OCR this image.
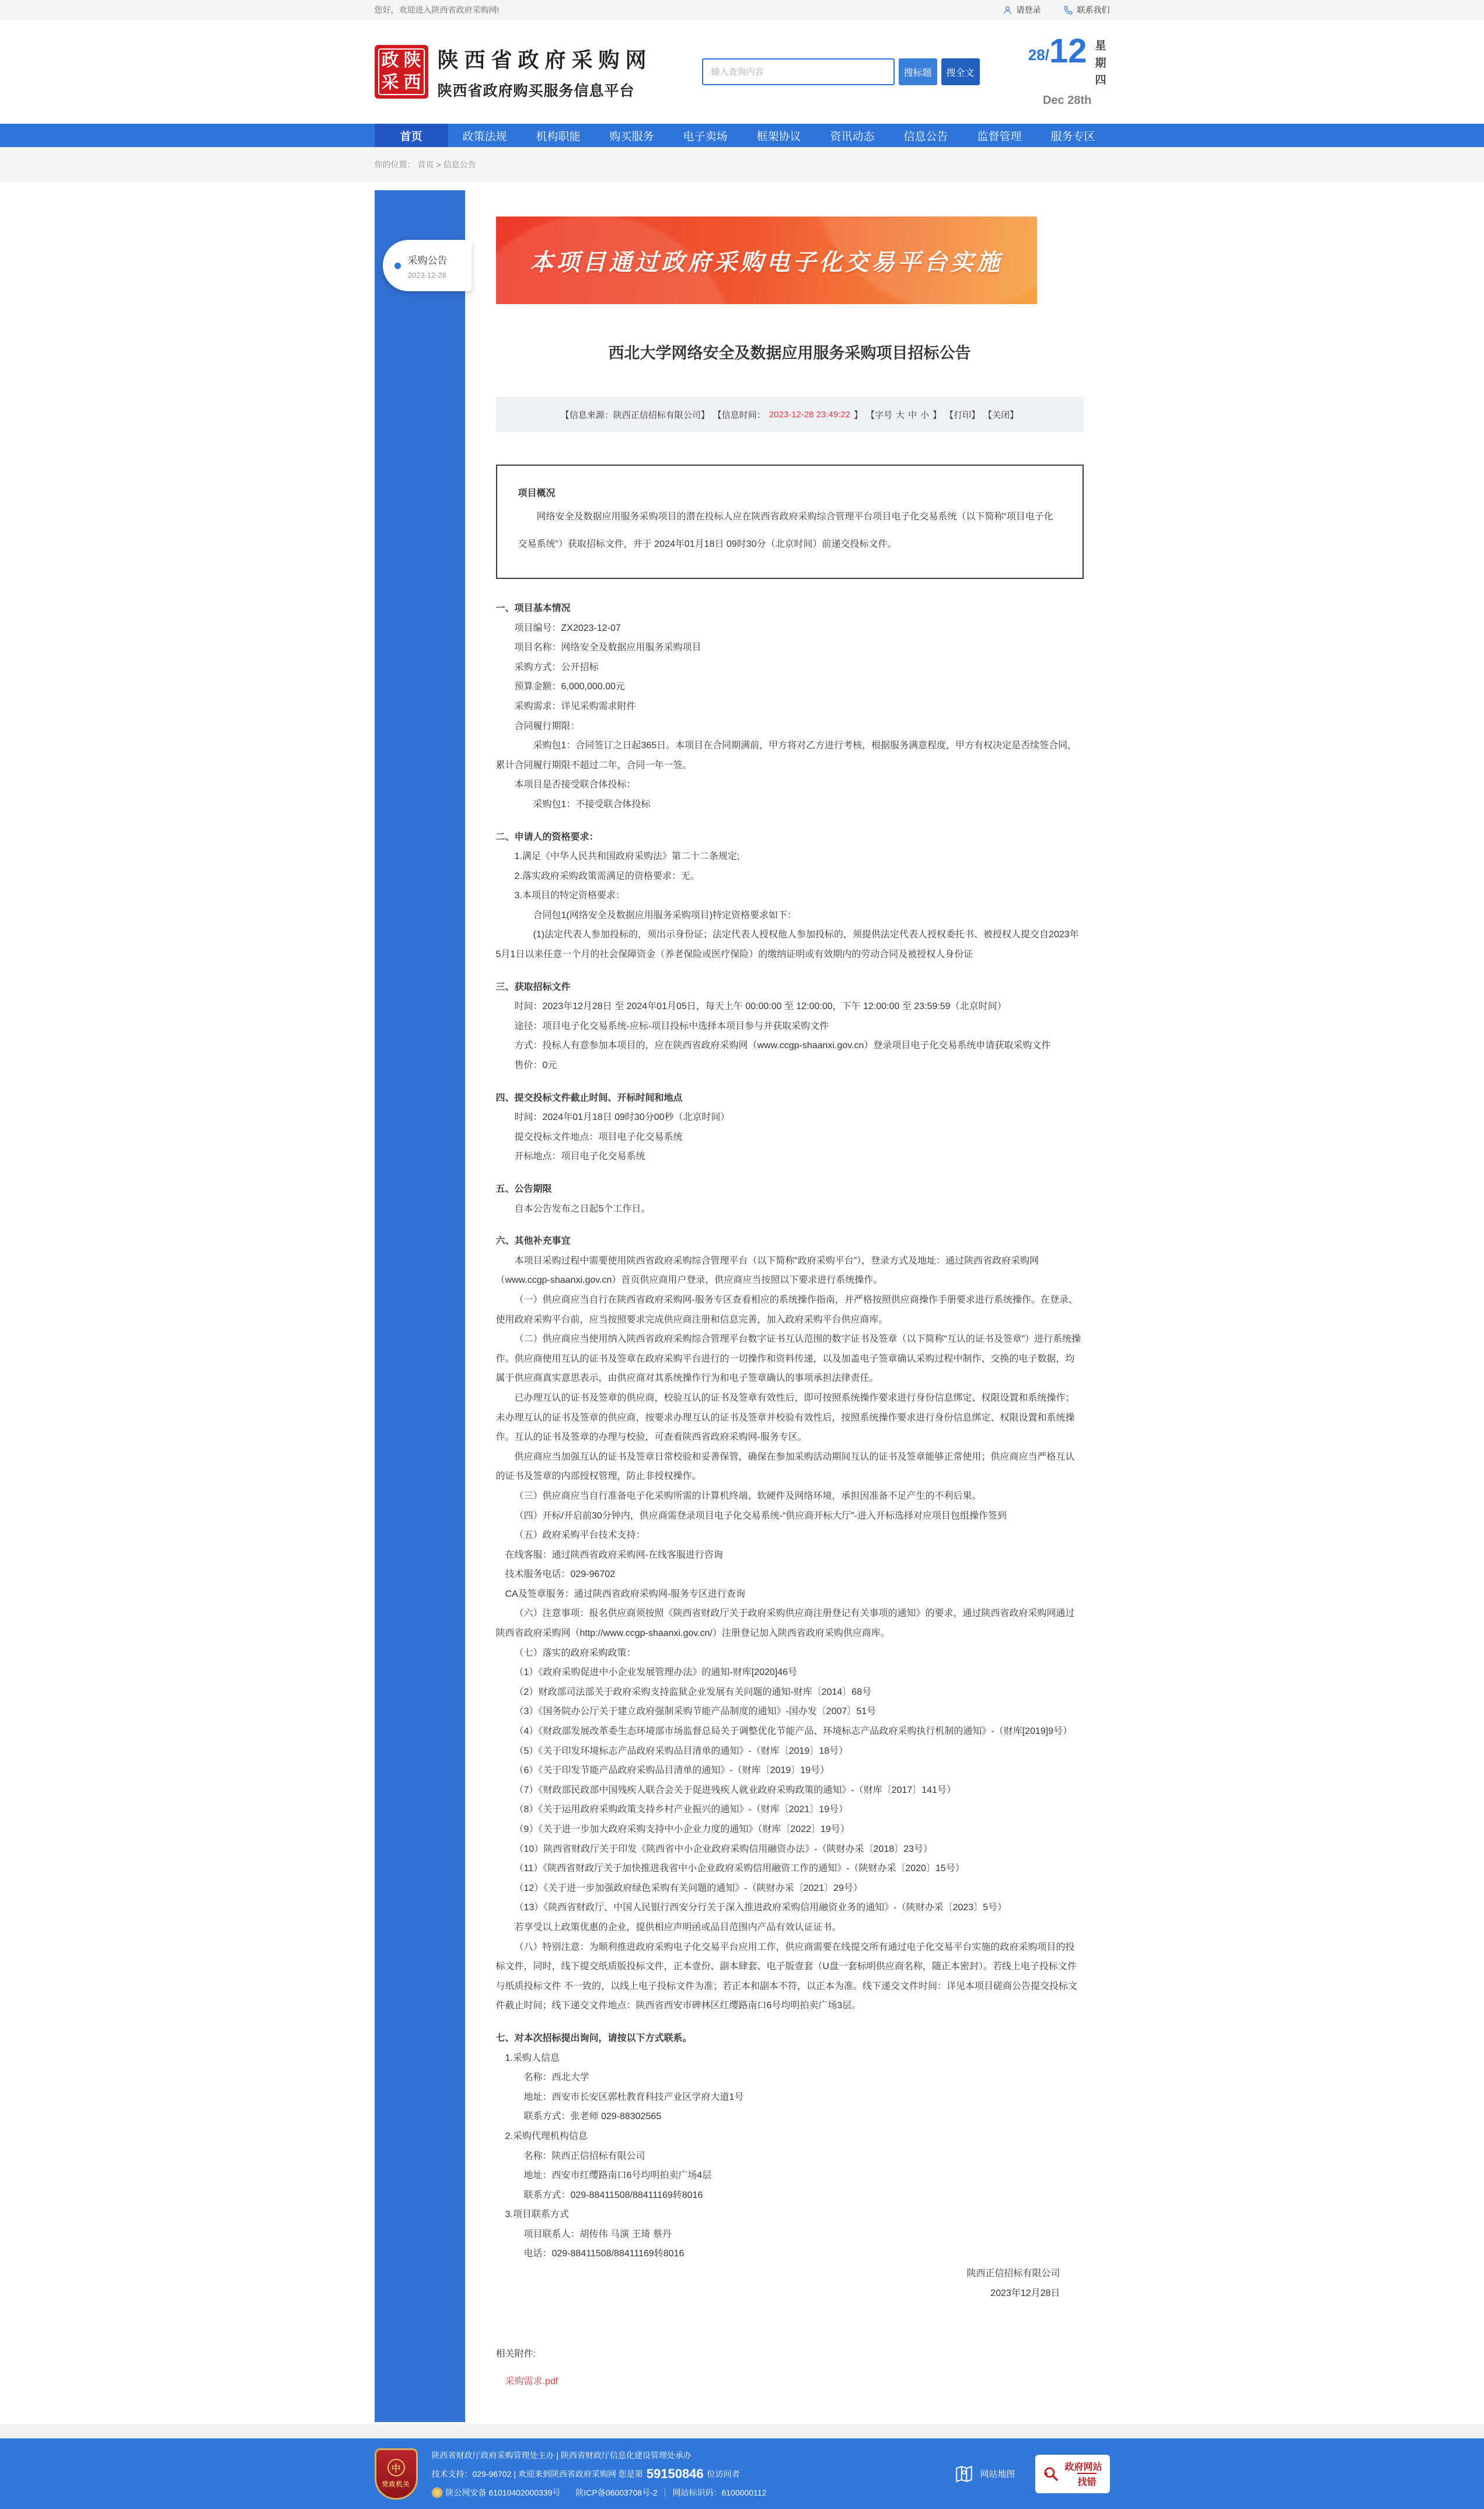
您好，欢迎进入陕西省政府采购网!	请登录	联系我们
政 陕
采 西
陕西省政府采购网
陕西省政府购买服务信息平台
输入查询内容
搜标题	搜全文
28/ 12 星
期
四
Dec 28th
首页	政策法规	机构职能	购买服务	电子卖场	框架协议	资讯动态	信息公告	监督管理	服务专区
你的位置： 首页 > 信息公告
采购公告
2023-12-28	本项目通过政府采购电子化交易平台实施
西北大学网络安全及数据应用服务采购项目招标公告
【信息来源：陕西正信招标有限公司】 【信息时间： 2023-12-28 23:49:22 】 【字号 大 中 小 】 【打印】 【关闭】
项目概况
网络安全及数据应用服务采购项目的潜在投标人应在陕西省政府采购综合管理平台项目电子化交易系统（以下简称“项目电子化交易系统”）获取招标文件，并于 2024年01月18日 09时30分（北京时间）前递交投标文件。
一、项目基本情况
项目编号：ZX2023-12-07
项目名称：网络安全及数据应用服务采购项目
采购方式：公开招标
预算金额：6,000,000.00元
采购需求：详见采购需求附件
合同履行期限：
采购包1：合同签订之日起365日。本项目在合同期满前，甲方将对乙方进行考核，根据服务满意程度，甲方有权决定是否续签合同，累计合同履行期限不超过二年，合同一年一签。
本项目是否接受联合体投标：
采购包1：不接受联合体投标
二、申请人的资格要求：
1.满足《中华人民共和国政府采购法》第二十二条规定;
2.落实政府采购政策需满足的资格要求：无。
3.本项目的特定资格要求：
合同包1(网络安全及数据应用服务采购项目)特定资格要求如下：
(1)法定代表人参加投标的，须出示身份证；法定代表人授权他人参加投标的，须提供法定代表人授权委托书、被授权人提交自2023年5月1日以来任意一个月的社会保障资金（养老保险或医疗保险）的缴纳证明或有效期内的劳动合同及被授权人身份证
三、获取招标文件
时间：2023年12月28日 至 2024年01月05日，每天上午 00:00:00 至 12:00:00，下午 12:00:00 至 23:59:59（北京时间）
途径：项目电子化交易系统-应标-项目投标中选择本项目参与并获取采购文件
方式：投标人有意参加本项目的，应在陕西省政府采购网（www.ccgp-shaanxi.gov.cn）登录项目电子化交易系统申请获取采购文件
售价：0元
四、提交投标文件截止时间、开标时间和地点
时间：2024年01月18日 09时30分00秒（北京时间）
提交投标文件地点：项目电子化交易系统
开标地点：项目电子化交易系统
五、公告期限
自本公告发布之日起5个工作日。
六、其他补充事宜
本项目采购过程中需要使用陕西省政府采购综合管理平台（以下简称“政府采购平台”），登录方式及地址：通过陕西省政府采购网（www.ccgp-shaanxi.gov.cn）首页供应商用户登录，供应商应当按照以下要求进行系统操作。
（一）供应商应当自行在陕西省政府采购网-服务专区查看相应的系统操作指南，并严格按照供应商操作手册要求进行系统操作。在登录、使用政府采购平台前，应当按照要求完成供应商注册和信息完善，加入政府采购平台供应商库。
（二）供应商应当使用纳入陕西省政府采购综合管理平台数字证书互认范围的数字证书及签章（以下简称“互认的证书及签章”）进行系统操作。供应商使用互认的证书及签章在政府采购平台进行的一切操作和资料传递，以及加盖电子签章确认采购过程中制作、交换的电子数据，均属于供应商真实意思表示，由供应商对其系统操作行为和电子签章确认的事项承担法律责任。
已办理互认的证书及签章的供应商，校验互认的证书及签章有效性后，即可按照系统操作要求进行身份信息绑定、权限设置和系统操作；未办理互认的证书及签章的供应商，按要求办理互认的证书及签章并校验有效性后，按照系统操作要求进行身份信息绑定、权限设置和系统操作。互认的证书及签章的办理与校验，可查看陕西省政府采购网-服务专区。
供应商应当加强互认的证书及签章日常校验和妥善保管，确保在参加采购活动期间互认的证书及签章能够正常使用；供应商应当严格互认的证书及签章的内部授权管理，防止非授权操作。
（三）供应商应当自行准备电子化采购所需的计算机终端、软硬件及网络环境，承担因准备不足产生的不利后果。
（四）开标/开启前30分钟内，供应商需登录项目电子化交易系统-“供应商开标大厅”-进入开标选择对应项目包组操作签到
（五）政府采购平台技术支持：
在线客服：通过陕西省政府采购网-在线客服进行咨询
技术服务电话：029-96702
CA及签章服务：通过陕西省政府采购网-服务专区进行查询
（六）注意事项：报名供应商须按照《陕西省财政厅关于政府采购供应商注册登记有关事项的通知》的要求，通过陕西省政府采购网通过陕西省政府采购网（http://www.ccgp-shaanxi.gov.cn/）注册登记加入陕西省政府采购供应商库。
（七）落实的政府采购政策：
（1）《政府采购促进中小企业发展管理办法》的通知-财库[2020]46号
（2）财政部司法部关于政府采购支持监狱企业发展有关问题的通知-财库〔2014〕68号
（3）《国务院办公厅关于建立政府强制采购节能产品制度的通知》-国办发〔2007〕51号
（4）《财政部发展改革委生态环境部市场监督总局关于调整优化节能产品、环境标志产品政府采购执行机制的通知》-（财库[2019]9号）
（5）《关于印发环境标志产品政府采购品目清单的通知》-（财库〔2019〕18号）
（6）《关于印发节能产品政府采购品目清单的通知》-（财库〔2019〕19号）
（7）《财政部民政部中国残疾人联合会关于促进残疾人就业政府采购政策的通知》-（财库〔2017〕141号）
（8）《关于运用政府采购政策支持乡村产业振兴的通知》-（财库〔2021〕19号）
（9）《关于进一步加大政府采购支持中小企业力度的通知》（财库〔2022〕19号）
（10）陕西省财政厅关于印发《陕西省中小企业政府采购信用融资办法》-（陕财办采〔2018〕23号）
（11）《陕西省财政厅关于加快推进我省中小企业政府采购信用融资工作的通知》-（陕财办采〔2020〕15号）
（12）《关于进一步加强政府绿色采购有关问题的通知》-（陕财办采〔2021〕29号）
（13）《陕西省财政厅、中国人民银行西安分行关于深入推进政府采购信用融资业务的通知》-（陕财办采〔2023〕5号）
若享受以上政策优惠的企业，提供相应声明函或品目范围内产品有效认证证书。
（八）特别注意：为顺利推进政府采购电子化交易平台应用工作，供应商需要在线提交所有通过电子化交易平台实施的政府采购项目的投标文件，同时，线下提交纸质版投标文件，正本壹份、副本肆套、电子版壹套（U盘一套标明供应商名称，随正本密封）。若线上电子投标文件与纸质投标文件 不一致的，以线上电子投标文件为准；若正本和副本不符，以正本为准。线下递交文件时间：详见本项目磋商公告提交投标文件截止时间；线下递交文件地点：陕西省西安市碑林区红缨路南口6号均明拍卖广场3层。
七、对本次招标提出询问，请按以下方式联系。
1.采购人信息
名称：西北大学
地址：西安市长安区郭杜教育科技产业区学府大道1号
联系方式：张老师 029-88302565
2.采购代理机构信息
名称：陕西正信招标有限公司
地址：西安市红缨路南口6号均明拍卖广场4层
联系方式：029-88411508/88411169转8016
3.项目联系方式
项目联系人：胡传伟 马演 王琦 蔡丹
电话：029-88411508/88411169转8016
陕西正信招标有限公司
2023年12月28日
相关附件:
采购需求.pdf
中
党政机关
陕西省财政厅政府采购管理处主办 | 陕西省财政厅信息化建设管理处承办
技术支持：029-96702 | 欢迎来到陕西省政府采购网 您是第 59150846 位访问者
陕公网安备 61010402000339号 陕ICP备06003708号-2 ｜ 网站标识码：6100000112
网站地图
政府网站
找错
